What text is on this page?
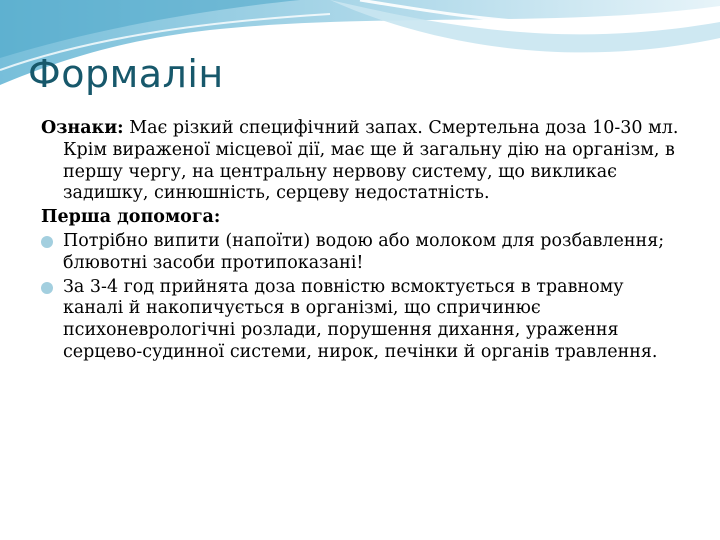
Формалін

Ознаки: Має різкий специфічний запах. Смертельна доза 10-30 мл. Крім вираженої місцевої дії, має ще й загальну дію на організм, в першу чергу, на центральну нервову систему, що викликає задишку, синюшність, серцеву недостатність.

Перша допомога:

Потрібно випити (напоїти) водою або молоком для розбавлення; блювотні засоби протипоказані!
За 3-4 год прийнята доза повністю всмоктується в травному каналі й накопичується в організмі, що спричинює психоневрологічні розлади, порушення дихання, ураження серцево-судинної системи, нирок, печінки й органів травлення.
